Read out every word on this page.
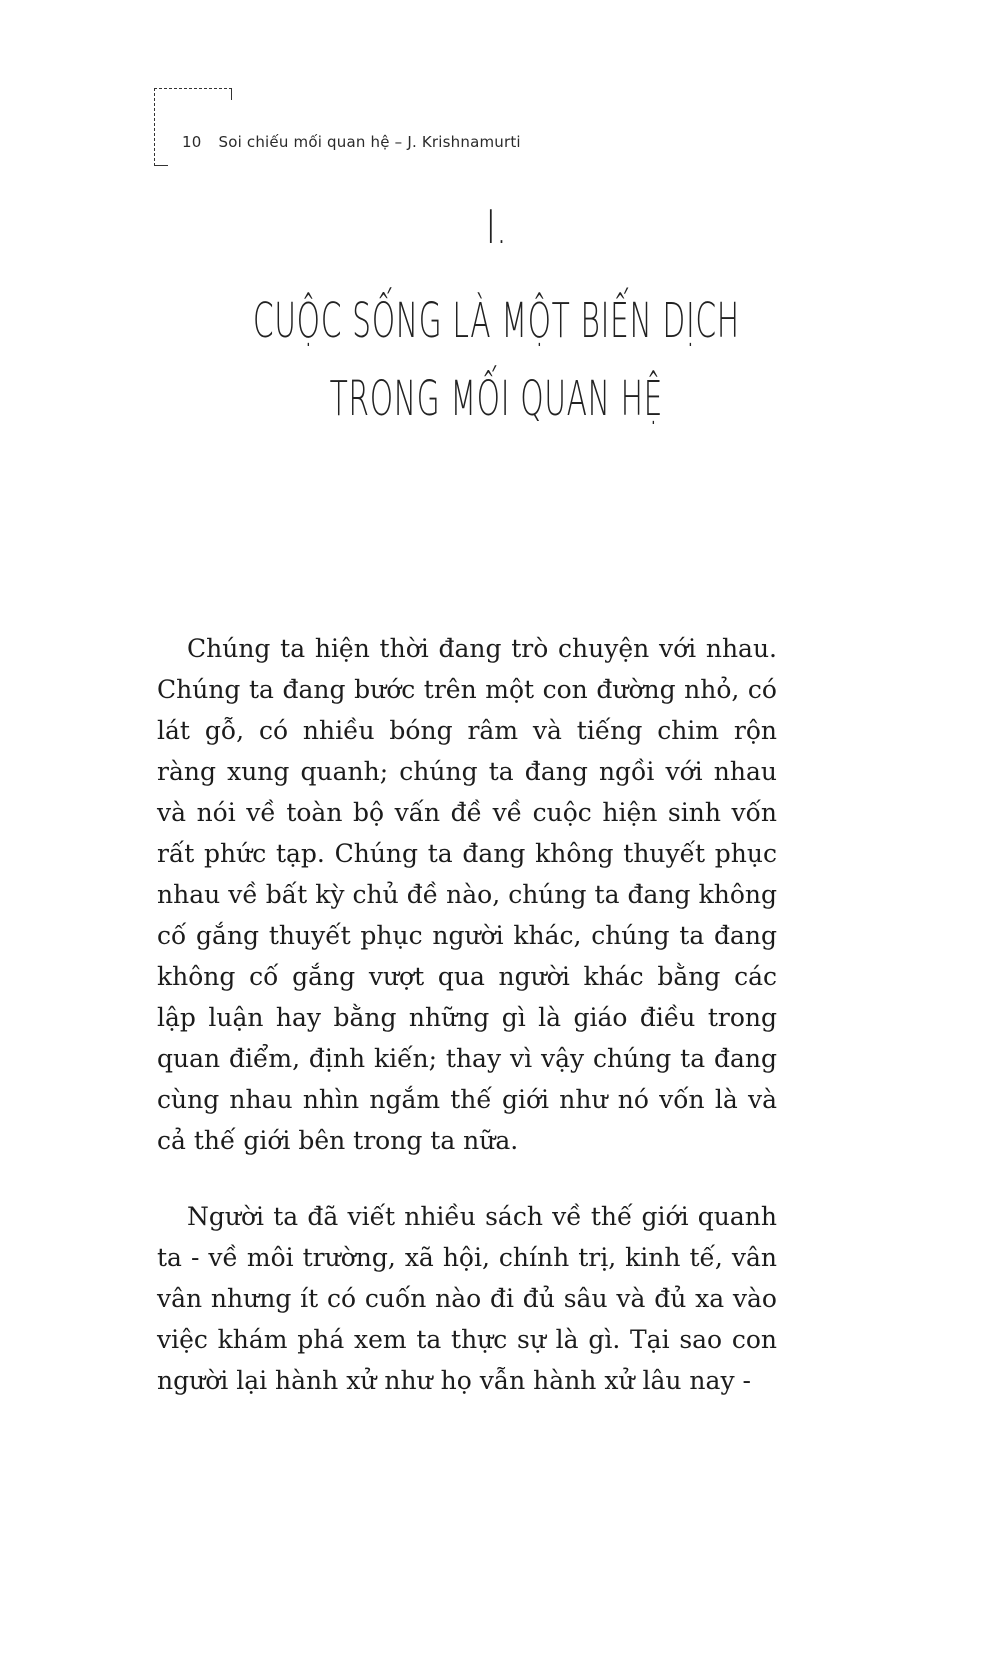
10 Soi chiếu mối quan hệ – J. Krishnamurti
I.
CUỘC SỐNG LÀ MỘT BIẾN DỊCH
TRONG MỐI QUAN HỆ

Chúng ta hiện thời đang trò chuyện với nhau. Chúng ta đang bước trên một con đường nhỏ, có lát gỗ, có nhiều bóng râm và tiếng chim rộn ràng xung quanh; chúng ta đang ngồi với nhau và nói về toàn bộ vấn đề về cuộc hiện sinh vốn rất phức tạp. Chúng ta đang không thuyết phục nhau về bất kỳ chủ đề nào, chúng ta đang không cố gắng thuyết phục người khác, chúng ta đang không cố gắng vượt qua người khác bằng các lập luận hay bằng những gì là giáo điều trong quan điểm, định kiến; thay vì vậy chúng ta đang cùng nhau nhìn ngắm thế giới như nó vốn là và cả thế giới bên trong ta nữa.

Người ta đã viết nhiều sách về thế giới quanh ta - về môi trường, xã hội, chính trị, kinh tế, vân vân nhưng ít có cuốn nào đi đủ sâu và đủ xa vào việc khám phá xem ta thực sự là gì. Tại sao con người lại hành xử như họ vẫn hành xử lâu nay -
